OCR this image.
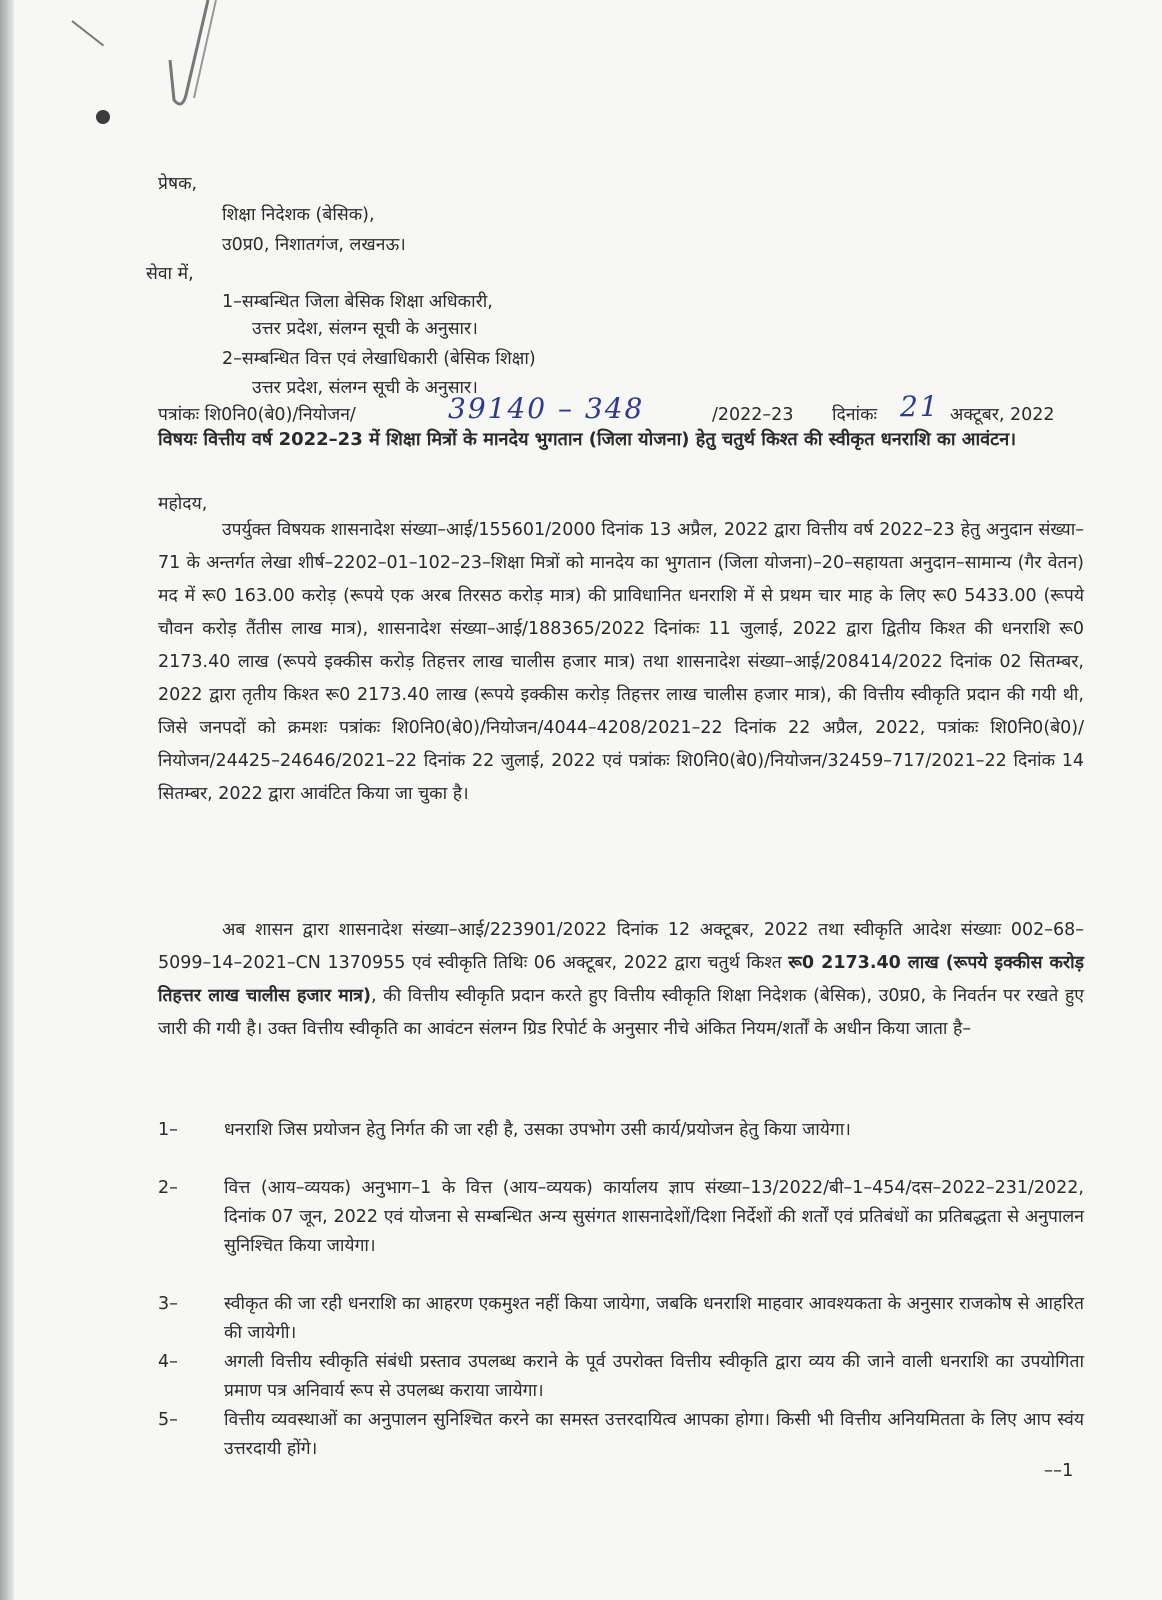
प्रेषक,
शिक्षा निदेशक (बेसिक),
उ0प्र0, निशातगंज, लखनऊ।
सेवा में,
1–सम्बन्धित जिला बेसिक शिक्षा अधिकारी,
उत्तर प्रदेश, संलग्न सूची के अनुसार।
2–सम्बन्धित वित्त एवं लेखाधिकारी (बेसिक शिक्षा)
उत्तर प्रदेश, संलग्न सूची के अनुसार।
पत्रांकः शि0नि0(बे0)/नियोजन/	39140 – 348	/2022–23 दिनांकः 21 अक्टूबर, 2022
विषयः वित्तीय वर्ष 2022–23 में शिक्षा मित्रों के मानदेय भुगतान (जिला योजना) हेतु चतुर्थ किश्त की स्वीकृत धनराशि का आवंटन।
महोदय,
उपर्युक्त विषयक शासनादेश संख्या–आई/155601/2000 दिनांक 13 अप्रैल, 2022 द्वारा वित्तीय वर्ष 2022–23 हेतु अनुदान संख्या–71 के अन्तर्गत लेखा शीर्ष–2202–01–102–23–शिक्षा मित्रों को मानदेय का भुगतान (जिला योजना)–20–सहायता अनुदान–सामान्य (गैर वेतन) मद में रू0 163.00 करोड़ (रूपये एक अरब तिरसठ करोड़ मात्र) की प्राविधानित धनराशि में से प्रथम चार माह के लिए रू0 5433.00 (रूपये चौवन करोड़ तैंतीस लाख मात्र), शासनादेश संख्या–आई/188365/2022 दिनांकः 11 जुलाई, 2022 द्वारा द्वितीय किश्त की धनराशि रू0 2173.40 लाख (रूपये इक्कीस करोड़ तिहत्तर लाख चालीस हजार मात्र) तथा शासनादेश संख्या–आई/208414/2022 दिनांक 02 सितम्बर, 2022 द्वारा तृतीय किश्त रू0 2173.40 लाख (रूपये इक्कीस करोड़ तिहत्तर लाख चालीस हजार मात्र), की वित्तीय स्वीकृति प्रदान की गयी थी, जिसे जनपदों को क्रमशः पत्रांकः शि0नि0(बे0)/नियोजन/4044–4208/2021–22 दिनांक 22 अप्रैल, 2022, पत्रांकः शि0नि0(बे0)/नियोजन/24425–24646/2021–22 दिनांक 22 जुलाई, 2022 एवं पत्रांकः शि0नि0(बे0)/नियोजन/32459–717/2021–22 दिनांक 14 सितम्बर, 2022 द्वारा आवंटित किया जा चुका है।
अब शासन द्वारा शासनादेश संख्या–आई/223901/2022 दिनांक 12 अक्टूबर, 2022 तथा स्वीकृति आदेश संख्याः 002–68–5099–14–2021–CN 1370955 एवं स्वीकृति तिथिः 06 अक्टूबर, 2022 द्वारा चतुर्थ किश्त रू0 2173.40 लाख (रूपये इक्कीस करोड़ तिहत्तर लाख चालीस हजार मात्र), की वित्तीय स्वीकृति प्रदान करते हुए वित्तीय स्वीकृति शिक्षा निदेशक (बेसिक), उ0प्र0, के निवर्तन पर रखते हुए जारी की गयी है। उक्त वित्तीय स्वीकृति का आवंटन संलग्न ग्रिड रिपोर्ट के अनुसार नीचे अंकित नियम/शर्तों के अधीन किया जाता है–
1–	धनराशि जिस प्रयोजन हेतु निर्गत की जा रही है, उसका उपभोग उसी कार्य/प्रयोजन हेतु किया जायेगा।
2–	वित्त (आय–व्ययक) अनुभाग–1 के वित्त (आय–व्ययक) कार्यालय ज्ञाप संख्या–13/2022/बी–1–454/दस–2022–231/2022, दिनांक 07 जून, 2022 एवं योजना से सम्बन्धित अन्य सुसंगत शासनादेशों/दिशा निर्देशों की शर्तों एवं प्रतिबंधों का प्रतिबद्धता से अनुपालन सुनिश्चित किया जायेगा।
3–	स्वीकृत की जा रही धनराशि का आहरण एकमुश्त नहीं किया जायेगा, जबकि धनराशि माहवार आवश्यकता के अनुसार राजकोष से आहरित की जायेगी।
4–	अगली वित्तीय स्वीकृति संबंधी प्रस्ताव उपलब्ध कराने के पूर्व उपरोक्त वित्तीय स्वीकृति द्वारा व्यय की जाने वाली धनराशि का उपयोगिता प्रमाण पत्र अनिवार्य रूप से उपलब्ध कराया जायेगा।
5–	वित्तीय व्यवस्थाओं का अनुपालन सुनिश्चित करने का समस्त उत्तरदायित्व आपका होगा। किसी भी वित्तीय अनियमितता के लिए आप स्वंय उत्तरदायी होंगे।
––1
